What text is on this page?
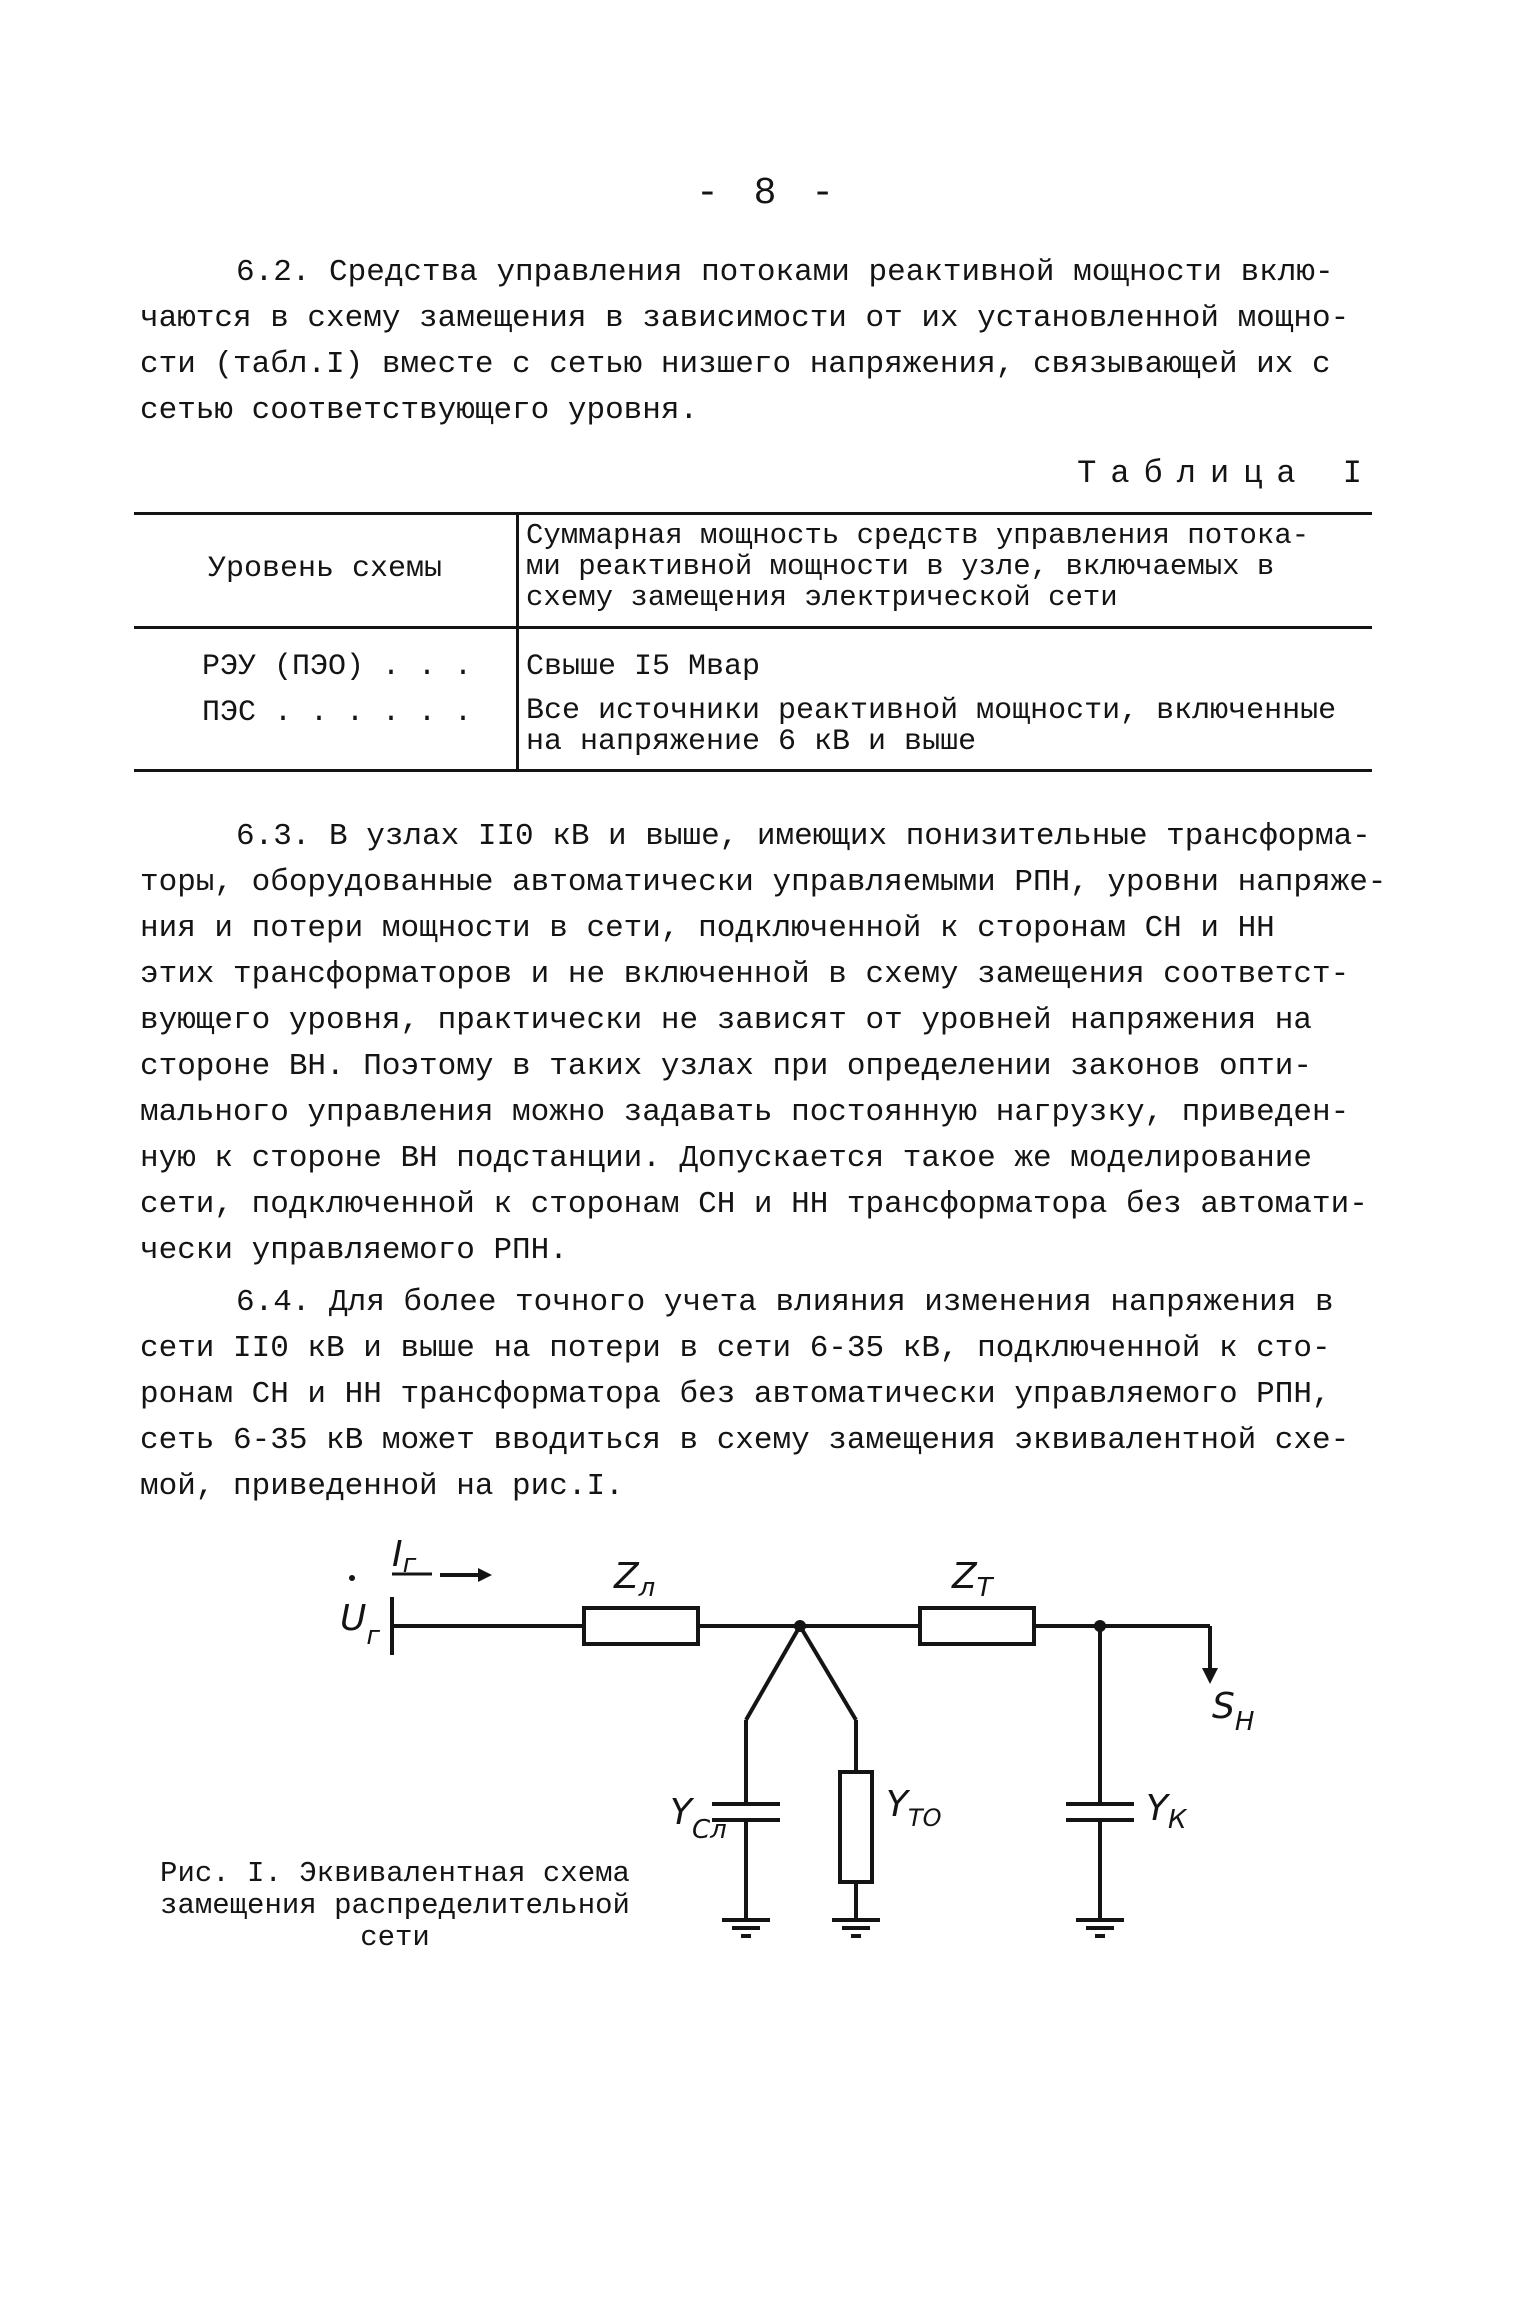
- 8 -
6.2. Средства управления потоками реактивной мощности вклю-
чаются в схему замещения в зависимости от их установленной мощно-
сти (табл.I) вместе с сетью низшего напряжения, связывающей их с
сетью соответствующего уровня.
Таблица I
Уровень схемы
Суммарная мощность средств управления потока-
ми реактивной мощности в узле, включаемых в
схему замещения электрической сети
РЭУ (ПЭО) . . . Свыше I5 Мвар
ПЭС . . . . . . Все источники реактивной мощности, включенные
на напряжение 6 кВ и выше
6.3. В узлах II0 кВ и выше, имеющих понизительные трансформа-
торы, оборудованные автоматически управляемыми РПН, уровни напряже-
ния и потери мощности в сети, подключенной к сторонам СН и НН
этих трансформаторов и не включенной в схему замещения соответст-
вующего уровня, практически не зависят от уровней напряжения на
стороне ВН. Поэтому в таких узлах при определении законов опти-
мального управления можно задавать постоянную нагрузку, приведен-
ную к стороне ВН подстанции. Допускается такое же моделирование
сети, подключенной к сторонам СН и НН трансформатора без автомати-
чески управляемого РПН.
6.4. Для более точного учета влияния изменения напряжения в
сети II0 кВ и выше на потери в сети 6-35 кВ, подключенной к сто-
ронам СН и НН трансформатора без автоматически управляемого РПН,
сеть 6-35 кВ может вводиться в схему замещения эквивалентной схе-
мой, приведенной на рис.I.
Iг
$U_г$
$Z_л$	$Z_Т$
$S_Н$
$Y_{Сл}$
$Y_{ТО}$	$Y_К$
Рис. I. Эквивалентная схема
замещения распределительной
сети
